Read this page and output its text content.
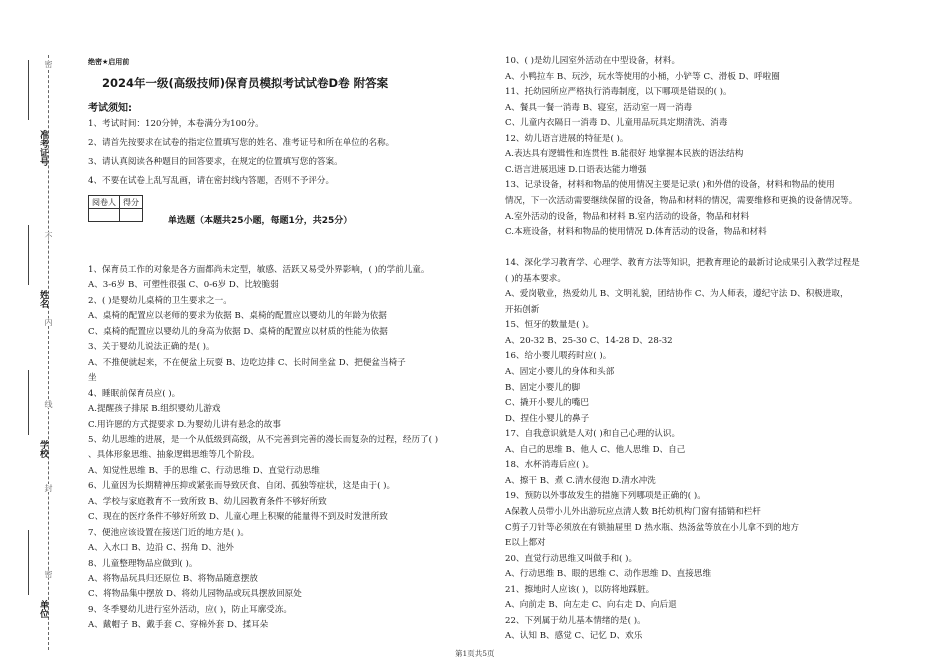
准考证号
姓名
学校
单位
密
不
内
线
封
密
绝密★启用前
2024年一级(高级技师)保育员模拟考试试卷D卷 附答案
考试须知:
1、考试时间：120分钟，本卷满分为100分。
2、请首先按要求在试卷的指定位置填写您的姓名、准考证号和所在单位的名称。
3、请认真阅读各种题目的回答要求，在规定的位置填写您的答案。
4、不要在试卷上乱写乱画，请在密封线内答题，否则不予评分。
阅卷人	得分

单选题（本题共25小题，每题1分，共25分）
1、保育员工作的对象是各方面都尚未定型，敏感、活跃又易受外界影响，( )的学前儿童。
A、3-6岁 B、可塑性很强 C、0-6岁 D、比较脆弱
2、( )是婴幼儿桌椅的卫生要求之一。
A、桌椅的配置应以老师的要求为依据 B、桌椅的配置应以婴幼儿的年龄为依据
C、桌椅的配置应以婴幼儿的身高为依据 D、桌椅的配置应以材质的性能为依据
3、关于婴幼儿说法正确的是( )。
A、不推便就起来，不在便盆上玩耍 B、边吃边排 C、长时间坐盆 D、把便盆当椅子
坐
4、睡眠前保育员应( )。
A.提醒孩子排尿 B.组织婴幼儿游戏
C.用许愿的方式提要求 D.为婴幼儿讲有悬念的故事
5、幼儿思维的进展，是一个从低级到高级，从不完善到完善的漫长而复杂的过程，经历了( )
、具体形象思维、抽象逻辑思维等几个阶段。
A、知觉性思维 B、手的思维 C、行动思维 D、直觉行动思维
6、儿童因为长期精神压抑或紧张而导致厌食、自闭、孤独等症状，这是由于( )。
A、学校与家庭教育不一致所致 B、幼儿园教育条件不够好所致
C、现在的医疗条件不够好所致 D、儿童心理上积聚的能量得不到及时发泄所致
7、便池应该设置在接送门近的地方是( )。
A、入水口 B、边沿 C、拐角 D、池外
8、儿童整理物品应做到( )。
A、将物品玩具归还原位 B、将物品随意摆放
C、将物品集中摆放 D、将幼儿园物品或玩具摆放回原处
9、冬季婴幼儿进行室外活动，应( )，防止耳廓受冻。
A、戴帽子 B、戴手套 C、穿棉外套 D、揉耳朵
10、( )是幼儿园室外活动在中型设备，材料。
A、小鸭拉车 B、玩沙，玩水等使用的小桶，小铲等 C、滑板 D、呼啦圈
11、托幼园所应严格执行消毒制度，以下哪项是错误的( )。
A、餐具一餐一消毒 B、寝室，活动室一周一消毒
C、儿童内衣隔日一消毒 D、儿童用品玩具定期清洗、消毒
12、幼儿语言进展的特征是( )。
A.表达具有逻辑性和连贯性 B.能很好 地掌握本民族的语法结构
C.语言进展迅速 D.口语表达能力增强
13、记录设备，材料和物品的使用情况主要是记录( )和外借的设备，材料和物品的使用
情况，下一次活动需要继续保留的设备，物品和材料的情况，需要维修和更换的设备情况等。
A.室外活动的设备，物品和材料 B.室内活动的设备，物品和材料
C.本班设备，材料和物品的使用情况 D.体育活动的设备，物品和材料
14、深化学习教育学、心理学、教育方法等知识，把教育理论的最新讨论成果引入教学过程是
( )的基本要求。
A、爱岗敬业，热爱幼儿 B、文明礼貌，团结协作 C、为人师表，遵纪守法 D、积极进取，
开拓创新
15、恒牙的数量是( )。
A、20-32 B、25-30 C、14-28 D、28-32
16、给小婴儿喂药时应( )。
A、固定小婴儿的身体和头部
B、固定小婴儿的脚
C、撬开小婴儿的嘴巴
D、捏住小婴儿的鼻子
17、自我意识就是人对( )和自己心理的认识。
A、自己的思维 B、他人 C、他人思维 D、自己
18、水杯消毒后应( )。
A、擦干 B、煮 C.清水侵泡 D.清水冲洗
19、预防以外事故发生的措施下列哪项是正确的( )。
A保教人员带小儿外出游玩应点清人数 B托幼机构门窗有插销和栏杆
C剪子刀针等必须放在有锁抽屉里 D 热水瓶、热汤盆等放在小儿拿不到的地方
E以上都对
20、直觉行动思维又叫做手和( )。
A、行动思维 B、眼的思维 C、动作思维 D、直接思维
21、擦地时人应该( )，以防将地踩脏。
A、向前走 B、向左走 C、向右走 D、向后退
22、下列属于幼儿基本情绪的是( )。
A、认知 B、感觉 C、记忆 D、欢乐
第1页共5页
